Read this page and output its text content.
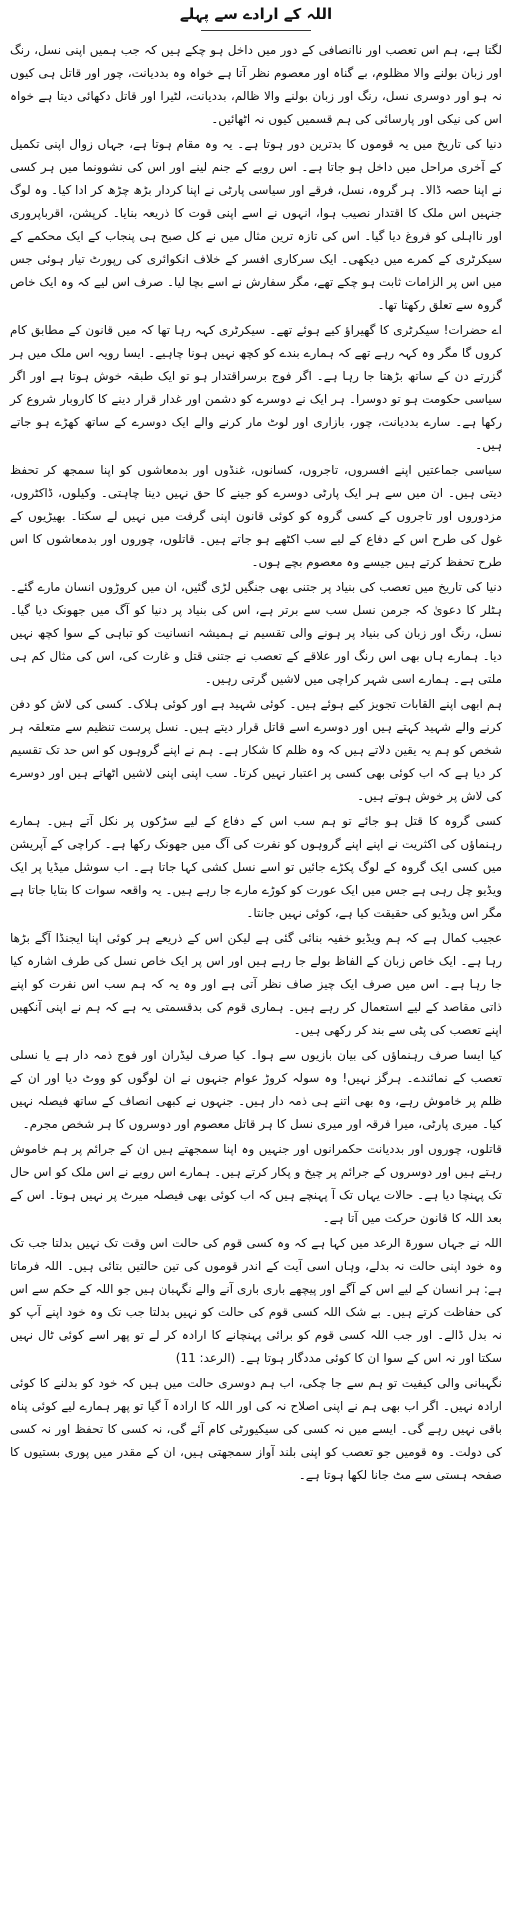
اللہ کے ارادے سے پہلے

لگتا ہے، ہم اس تعصب اور ناانصافی کے دور میں داخل ہو چکے ہیں کہ جب ہمیں اپنی نسل، رنگ اور زبان بولنے والا مظلوم، بے گناہ اور معصوم نظر آتا ہے خواہ وہ بددیانت، چور اور قاتل ہی کیوں نہ ہو اور دوسری نسل، رنگ اور زبان بولنے والا ظالم، بددیانت، لٹیرا اور قاتل دکھائی دیتا ہے خواہ اس کی نیکی اور پارسائی کی ہم قسمیں کیوں نہ اٹھائیں۔

دنیا کی تاریخ میں یہ قوموں کا بدترین دور ہوتا ہے۔ یہ وہ مقام ہوتا ہے، جہاں زوال اپنی تکمیل کے آخری مراحل میں داخل ہو جاتا ہے۔ اس رویے کے جنم لینے اور اس کی نشوونما میں ہر کسی نے اپنا حصہ ڈالا۔ ہر گروہ، نسل، فرقے اور سیاسی پارٹی نے اپنا کردار بڑھ چڑھ کر ادا کیا۔ وہ لوگ جنہیں اس ملک کا اقتدار نصیب ہوا، انہوں نے اسے اپنی قوت کا ذریعہ بنایا۔ کرپشن، اقرباپروری اور نااہلی کو فروغ دیا گیا۔ اس کی تازہ ترین مثال میں نے کل صبح ہی پنجاب کے ایک محکمے کے سیکرٹری کے کمرے میں دیکھی۔ ایک سرکاری افسر کے خلاف انکوائری کی رپورٹ تیار ہوئی جس میں اس پر الزامات ثابت ہو چکے تھے، مگر سفارش نے اسے بچا لیا۔ صرف اس لیے کہ وہ ایک خاص گروہ سے تعلق رکھتا تھا۔

اے حضرات! سیکرٹری کا گھیراؤ کیے ہوئے تھے۔ سیکرٹری کہہ رہا تھا کہ میں قانون کے مطابق کام کروں گا مگر وہ کہہ رہے تھے کہ ہمارے بندے کو کچھ نہیں ہونا چاہیے۔ ایسا رویہ اس ملک میں ہر گزرتے دن کے ساتھ بڑھتا جا رہا ہے۔ اگر فوج برسراقتدار ہو تو ایک طبقہ خوش ہوتا ہے اور اگر سیاسی حکومت ہو تو دوسرا۔ ہر ایک نے دوسرے کو دشمن اور غدار قرار دینے کا کاروبار شروع کر رکھا ہے۔ سارے بددیانت، چور، بازاری اور لوٹ مار کرنے والے ایک دوسرے کے ساتھ کھڑے ہو جاتے ہیں۔

سیاسی جماعتیں اپنے افسروں، تاجروں، کسانوں، غنڈوں اور بدمعاشوں کو اپنا سمجھ کر تحفظ دیتی ہیں۔ ان میں سے ہر ایک پارٹی دوسرے کو جینے کا حق نہیں دینا چاہتی۔ وکیلوں، ڈاکٹروں، مزدوروں اور تاجروں کے کسی گروہ کو کوئی قانون اپنی گرفت میں نہیں لے سکتا۔ بھیڑیوں کے غول کی طرح اس کے دفاع کے لیے سب اکٹھے ہو جاتے ہیں۔ قاتلوں، چوروں اور بدمعاشوں کا اس طرح تحفظ کرتے ہیں جیسے وہ معصوم بچے ہوں۔

دنیا کی تاریخ میں تعصب کی بنیاد پر جتنی بھی جنگیں لڑی گئیں، ان میں کروڑوں انسان مارے گئے۔ ہٹلر کا دعویٰ کہ جرمن نسل سب سے برتر ہے، اس کی بنیاد پر دنیا کو آگ میں جھونک دیا گیا۔ نسل، رنگ اور زبان کی بنیاد پر ہونے والی تقسیم نے ہمیشہ انسانیت کو تباہی کے سوا کچھ نہیں دیا۔ ہمارے ہاں بھی اس رنگ اور علاقے کے تعصب نے جتنی قتل و غارت کی، اس کی مثال کم ہی ملتی ہے۔ ہمارے اسی شہر کراچی میں لاشیں گرتی رہیں۔

ہم ابھی اپنے القابات تجویز کیے ہوئے ہیں۔ کوئی شہید ہے اور کوئی ہلاک۔ کسی کی لاش کو دفن کرنے والے شہید کہتے ہیں اور دوسرے اسے قاتل قرار دیتے ہیں۔ نسل پرست تنظیم سے متعلقہ ہر شخص کو ہم یہ یقین دلاتے ہیں کہ وہ ظلم کا شکار ہے۔ ہم نے اپنے گروہوں کو اس حد تک تقسیم کر دیا ہے کہ اب کوئی بھی کسی پر اعتبار نہیں کرتا۔ سب اپنی اپنی لاشیں اٹھاتے ہیں اور دوسرے کی لاش پر خوش ہوتے ہیں۔

کسی گروہ کا قتل ہو جائے تو ہم سب اس کے دفاع کے لیے سڑکوں پر نکل آتے ہیں۔ ہمارے رہنماؤں کی اکثریت نے اپنے اپنے گروہوں کو نفرت کی آگ میں جھونک رکھا ہے۔ کراچی کے آپریشن میں کسی ایک گروہ کے لوگ پکڑے جائیں تو اسے نسل کشی کہا جاتا ہے۔ اب سوشل میڈیا پر ایک ویڈیو چل رہی ہے جس میں ایک عورت کو کوڑے مارے جا رہے ہیں۔ یہ واقعہ سوات کا بتایا جاتا ہے مگر اس ویڈیو کی حقیقت کیا ہے، کوئی نہیں جانتا۔

عجیب کمال ہے کہ ہم ویڈیو خفیہ بنائی گئی ہے لیکن اس کے ذریعے ہر کوئی اپنا ایجنڈا آگے بڑھا رہا ہے۔ ایک خاص زبان کے الفاظ بولے جا رہے ہیں اور اس پر ایک خاص نسل کی طرف اشارہ کیا جا رہا ہے۔ اس میں صرف ایک چیز صاف نظر آتی ہے اور وہ یہ کہ ہم سب اس نفرت کو اپنے ذاتی مقاصد کے لیے استعمال کر رہے ہیں۔ ہماری قوم کی بدقسمتی یہ ہے کہ ہم نے اپنی آنکھیں اپنے تعصب کی پٹی سے بند کر رکھی ہیں۔

کیا ایسا صرف رہنماؤں کی بیان بازیوں سے ہوا۔ کیا صرف لیڈران اور فوج ذمہ دار ہے یا نسلی تعصب کے نمائندے۔ ہرگز نہیں! وہ سولہ کروڑ عوام جنہوں نے ان لوگوں کو ووٹ دیا اور ان کے ظلم پر خاموش رہے، وہ بھی اتنے ہی ذمہ دار ہیں۔ جنہوں نے کبھی انصاف کے ساتھ فیصلہ نہیں کیا۔ میری پارٹی، میرا فرقہ اور میری نسل کا ہر قاتل معصوم اور دوسروں کا ہر شخص مجرم۔

قاتلوں، چوروں اور بددیانت حکمرانوں اور جنہیں وہ اپنا سمجھتے ہیں ان کے جرائم پر ہم خاموش رہتے ہیں اور دوسروں کے جرائم پر چیخ و پکار کرتے ہیں۔ ہمارے اس رویے نے اس ملک کو اس حال تک پہنچا دیا ہے۔ حالات یہاں تک آ پہنچے ہیں کہ اب کوئی بھی فیصلہ میرٹ پر نہیں ہوتا۔ اس کے بعد اللہ کا قانون حرکت میں آتا ہے۔

اللہ نے جہاں سورۃ الرعد میں کہا ہے کہ وہ کسی قوم کی حالت اس وقت تک نہیں بدلتا جب تک وہ خود اپنی حالت نہ بدلے، وہاں اسی آیت کے اندر قوموں کی تین حالتیں بتائی ہیں۔ اللہ فرماتا ہے: ہر انسان کے لیے اس کے آگے اور پیچھے باری باری آنے والے نگہبان ہیں جو اللہ کے حکم سے اس کی حفاظت کرتے ہیں۔ بے شک اللہ کسی قوم کی حالت کو نہیں بدلتا جب تک وہ خود اپنے آپ کو نہ بدل ڈالے۔ اور جب اللہ کسی قوم کو برائی پہنچانے کا ارادہ کر لے تو پھر اسے کوئی ٹال نہیں سکتا اور نہ اس کے سوا ان کا کوئی مددگار ہوتا ہے۔ (الرعد: 11)

نگہبانی والی کیفیت تو ہم سے جا چکی، اب ہم دوسری حالت میں ہیں کہ خود کو بدلنے کا کوئی ارادہ نہیں۔ اگر اب بھی ہم نے اپنی اصلاح نہ کی اور اللہ کا ارادہ آ گیا تو پھر ہمارے لیے کوئی پناہ باقی نہیں رہے گی۔ ایسے میں نہ کسی کی سیکیورٹی کام آئے گی، نہ کسی کا تحفظ اور نہ کسی کی دولت۔ وہ قومیں جو تعصب کو اپنی بلند آواز سمجھتی ہیں، ان کے مقدر میں پوری بستیوں کا صفحہ ہستی سے مٹ جانا لکھا ہوتا ہے۔
